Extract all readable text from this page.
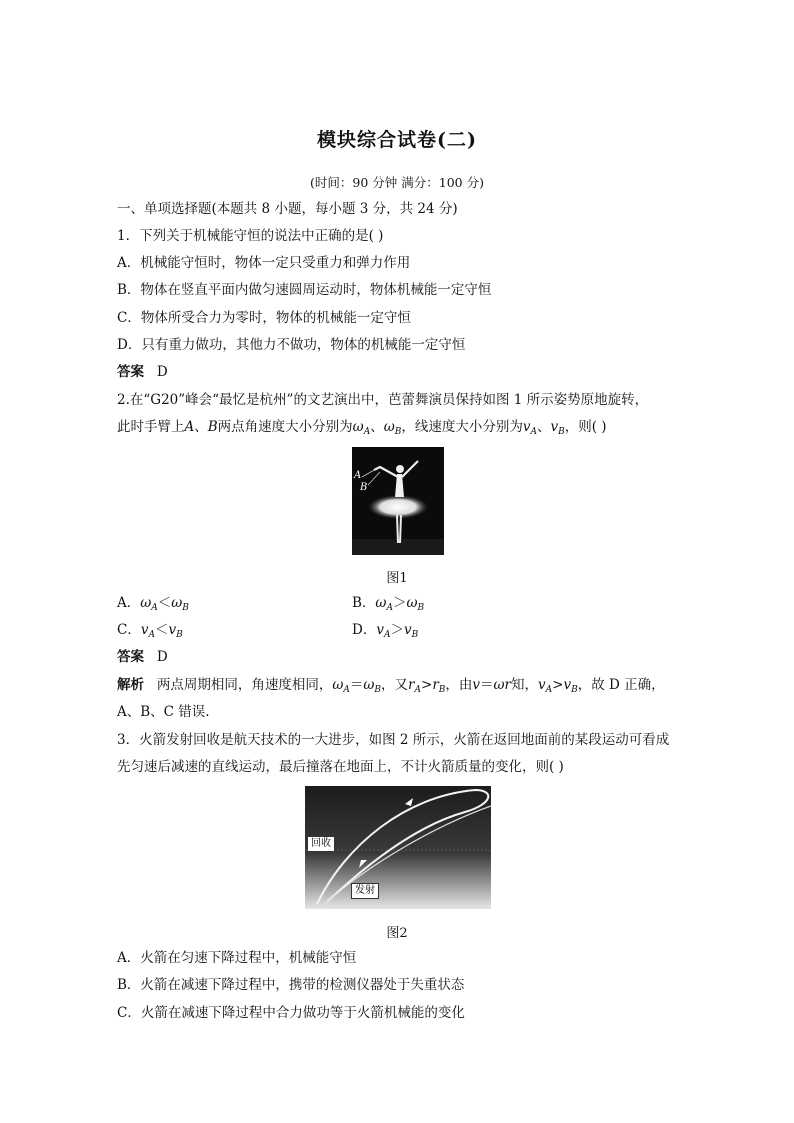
模块综合试卷(二)
(时间：90 分钟 满分：100 分)
一、单项选择题(本题共 8 小题，每小题 3 分，共 24 分)
1．下列关于机械能守恒的说法中正确的是( )
A．机械能守恒时，物体一定只受重力和弹力作用
B．物体在竖直平面内做匀速圆周运动时，物体机械能一定守恒
C．物体所受合力为零时，物体的机械能一定守恒
D．只有重力做功，其他力不做功，物体的机械能一定守恒
答案 D
2.在“G20”峰会“最忆是杭州”的文艺演出中，芭蕾舞演员保持如图 1 所示姿势原地旋转，
此时手臂上A、B两点角速度大小分别为$\omega_A$、$\omega_B$，线速度大小分别为$v_A$、$v_B$，则( )
A
B
图1
A．$\omega_A<\omega_B$	B．$\omega_A>\omega_B$
C．$v_A<v_B$	D．$v_A>v_B$
答案 D
解析 两点周期相同，角速度相同，$\omega_A=\omega_B$，又$r_A>r_B$，由v＝ωr知，$v_A>v_B$，故 D 正确，
A、B、C 错误.
3．火箭发射回收是航天技术的一大进步，如图 2 所示，火箭在返回地面前的某段运动可看成
先匀速后减速的直线运动，最后撞落在地面上，不计火箭质量的变化，则( )
回收
发射
图2
A．火箭在匀速下降过程中，机械能守恒
B．火箭在减速下降过程中，携带的检测仪器处于失重状态
C．火箭在减速下降过程中合力做功等于火箭机械能的变化
